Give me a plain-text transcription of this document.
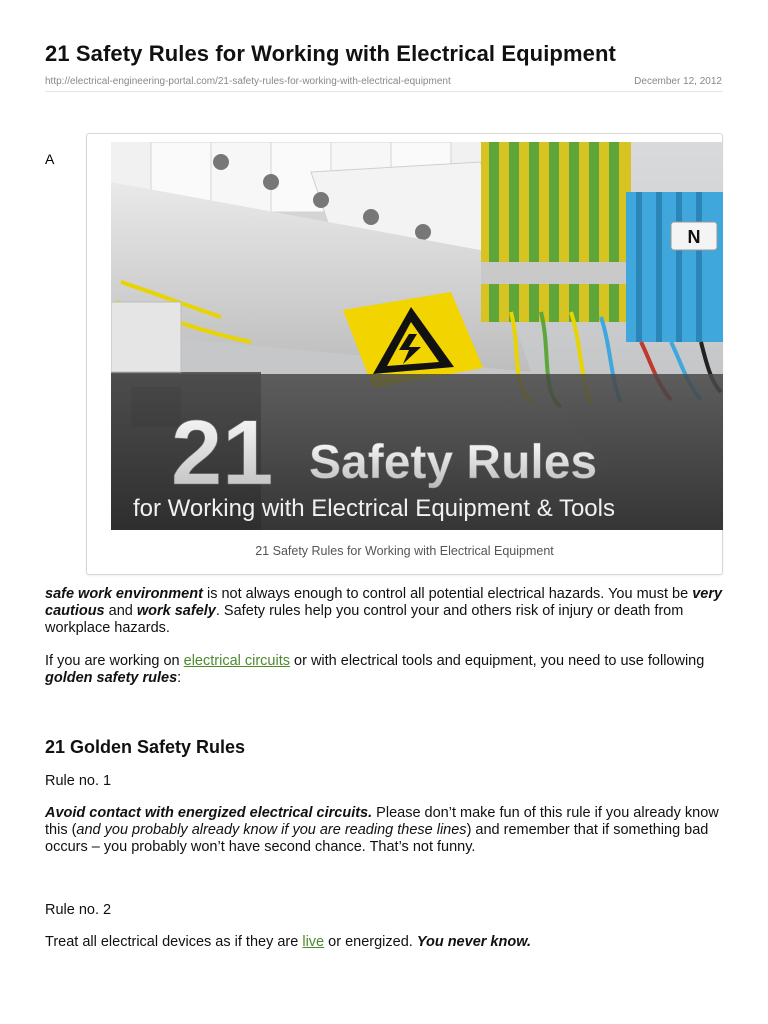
21 Safety Rules for Working with Electrical Equipment
http://electrical-engineering-portal.com/21-safety-rules-for-working-with-electrical-equipment	December 12, 2012
A
N
21 Safety Rules
for Working with Electrical Equipment & Tools
21 Safety Rules for Working with Electrical Equipment

safe work environment is not always enough to control all potential electrical hazards. You must be very cautious and work safely. Safety rules help you control your and others risk of injury or death from workplace hazards.

If you are working on electrical circuits or with electrical tools and equipment, you need to use following golden safety rules:

21 Golden Safety Rules

Rule no. 1

Avoid contact with energized electrical circuits. Please don’t make fun of this rule if you already know this (and you probably already know if you are reading these lines) and remember that if something bad occurs – you probably won’t have second chance. That’s not funny.

Rule no. 2

Treat all electrical devices as if they are live or energized. You never know.
